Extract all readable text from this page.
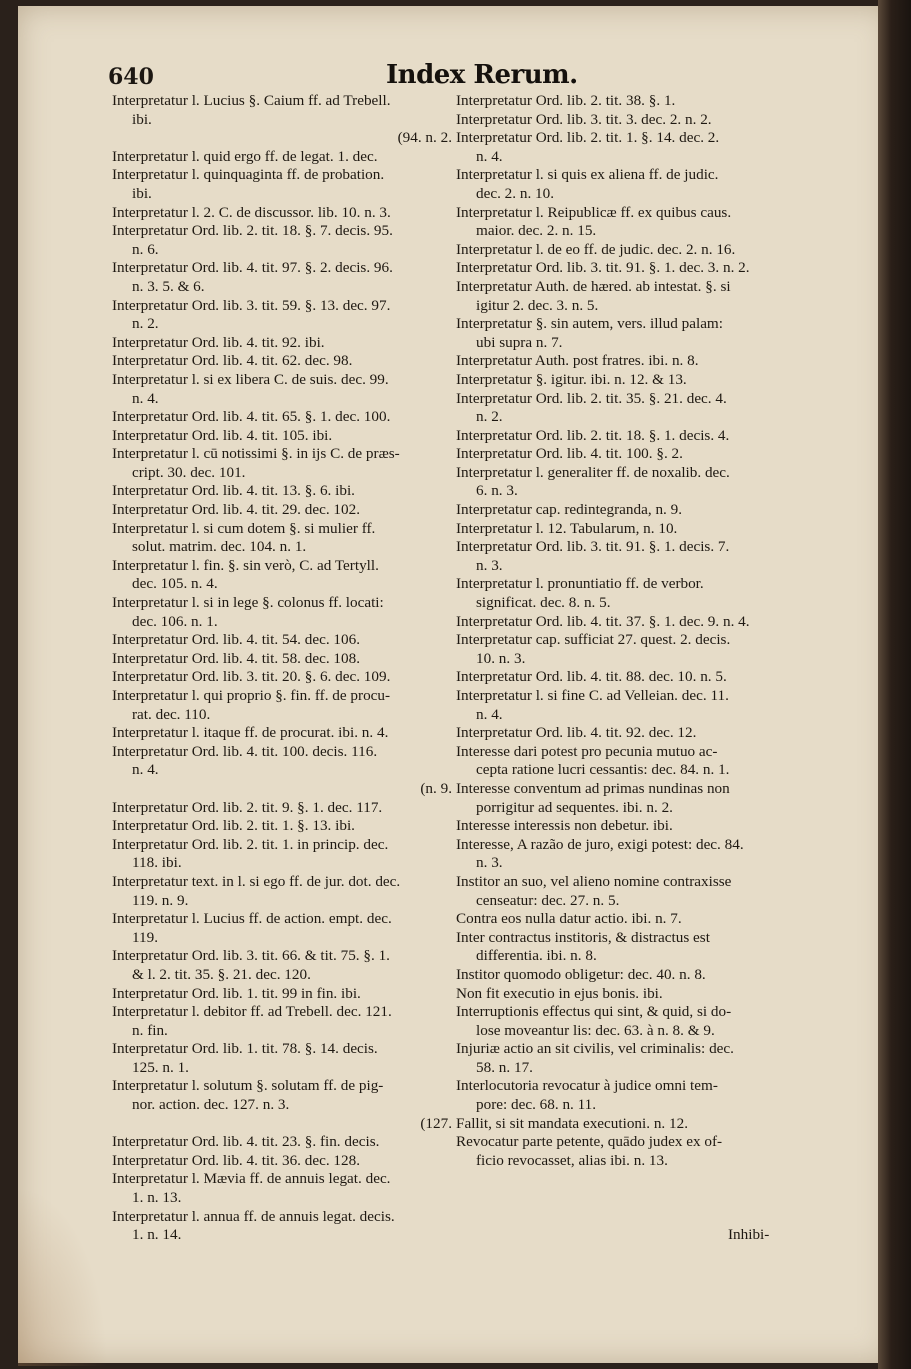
640	Index Rerum.
Interpretatur l. Lucius §. Caium ff. ad Trebell.
ibi.
(94. n. 2.
Interpretatur l. quid ergo ff. de legat. 1. dec.
Interpretatur l. quinquaginta ff. de probation.
ibi.
Interpretatur l. 2. C. de discussor. lib. 10. n. 3.
Interpretatur Ord. lib. 2. tit. 18. §. 7. decis. 95.
n. 6.
Interpretatur Ord. lib. 4. tit. 97. §. 2. decis. 96.
n. 3. 5. & 6.
Interpretatur Ord. lib. 3. tit. 59. §. 13. dec. 97.
n. 2.
Interpretatur Ord. lib. 4. tit. 92. ibi.
Interpretatur Ord. lib. 4. tit. 62. dec. 98.
Interpretatur l. si ex libera C. de suis. dec. 99.
n. 4.
Interpretatur Ord. lib. 4. tit. 65. §. 1. dec. 100.
Interpretatur Ord. lib. 4. tit. 105. ibi.
Interpretatur l. cū notissimi §. in ijs C. de præs-
cript. 30. dec. 101.
Interpretatur Ord. lib. 4. tit. 13. §. 6. ibi.
Interpretatur Ord. lib. 4. tit. 29. dec. 102.
Interpretatur l. si cum dotem §. si mulier ff.
solut. matrim. dec. 104. n. 1.
Interpretatur l. fin. §. sin verò, C. ad Tertyll.
dec. 105. n. 4.
Interpretatur l. si in lege §. colonus ff. locati:
dec. 106. n. 1.
Interpretatur Ord. lib. 4. tit. 54. dec. 106.
Interpretatur Ord. lib. 4. tit. 58. dec. 108.
Interpretatur Ord. lib. 3. tit. 20. §. 6. dec. 109.
Interpretatur l. qui proprio §. fin. ff. de procu-
rat. dec. 110.
Interpretatur l. itaque ff. de procurat. ibi. n. 4.
Interpretatur Ord. lib. 4. tit. 100. decis. 116.
n. 4.
(n. 9.
Interpretatur Ord. lib. 2. tit. 9. §. 1. dec. 117.
Interpretatur Ord. lib. 2. tit. 1. §. 13. ibi.
Interpretatur Ord. lib. 2. tit. 1. in princip. dec.
118. ibi.
Interpretatur text. in l. si ego ff. de jur. dot. dec.
119. n. 9.
Interpretatur l. Lucius ff. de action. empt. dec.
119.
Interpretatur Ord. lib. 3. tit. 66. & tit. 75. §. 1.
& l. 2. tit. 35. §. 21. dec. 120.
Interpretatur Ord. lib. 1. tit. 99 in fin. ibi.
Interpretatur l. debitor ff. ad Trebell. dec. 121.
n. fin.
Interpretatur Ord. lib. 1. tit. 78. §. 14. decis.
125. n. 1.
Interpretatur l. solutum §. solutam ff. de pig-
nor. action. dec. 127. n. 3.
(127.
Interpretatur Ord. lib. 4. tit. 23. §. fin. decis.
Interpretatur Ord. lib. 4. tit. 36. dec. 128.
Interpretatur l. Mævia ff. de annuis legat. dec.
1. n. 13.
Interpretatur l. annua ff. de annuis legat. decis.
1. n. 14.
Interpretatur Ord. lib. 2. tit. 38. §. 1.
Interpretatur Ord. lib. 3. tit. 3. dec. 2. n. 2.
Interpretatur Ord. lib. 2. tit. 1. §. 14. dec. 2.
n. 4.
Interpretatur l. si quis ex aliena ff. de judic.
dec. 2. n. 10.
Interpretatur l. Reipublicæ ff. ex quibus caus.
maior. dec. 2. n. 15.
Interpretatur l. de eo ff. de judic. dec. 2. n. 16.
Interpretatur Ord. lib. 3. tit. 91. §. 1. dec. 3. n. 2.
Interpretatur Auth. de hæred. ab intestat. §. si
igitur 2. dec. 3. n. 5.
Interpretatur §. sin autem, vers. illud palam:
ubi supra n. 7.
Interpretatur Auth. post fratres. ibi. n. 8.
Interpretatur §. igitur. ibi. n. 12. & 13.
Interpretatur Ord. lib. 2. tit. 35. §. 21. dec. 4.
n. 2.
Interpretatur Ord. lib. 2. tit. 18. §. 1. decis. 4.
Interpretatur Ord. lib. 4. tit. 100. §. 2.
Interpretatur l. generaliter ff. de noxalib. dec.
6. n. 3.
Interpretatur cap. redintegranda, n. 9.
Interpretatur l. 12. Tabularum, n. 10.
Interpretatur Ord. lib. 3. tit. 91. §. 1. decis. 7.
n. 3.
Interpretatur l. pronuntiatio ff. de verbor.
significat. dec. 8. n. 5.
Interpretatur Ord. lib. 4. tit. 37. §. 1. dec. 9. n. 4.
Interpretatur cap. sufficiat 27. quest. 2. decis.
10. n. 3.
Interpretatur Ord. lib. 4. tit. 88. dec. 10. n. 5.
Interpretatur l. si fine C. ad Velleian. dec. 11.
n. 4.
Interpretatur Ord. lib. 4. tit. 92. dec. 12.
Interesse dari potest pro pecunia mutuo ac-
cepta ratione lucri cessantis: dec. 84. n. 1.
Interesse conventum ad primas nundinas non
porrigitur ad sequentes. ibi. n. 2.
Interesse interessis non debetur. ibi.
Interesse, A razão de juro, exigi potest: dec. 84.
n. 3.
Institor an suo, vel alieno nomine contraxisse
censeatur: dec. 27. n. 5.
Contra eos nulla datur actio. ibi. n. 7.
Inter contractus institoris, & distractus est
differentia. ibi. n. 8.
Institor quomodo obligetur: dec. 40. n. 8.
Non fit executio in ejus bonis. ibi.
Interruptionis effectus qui sint, & quid, si do-
lose moveantur lis: dec. 63. à n. 8. & 9.
Injuriæ actio an sit civilis, vel criminalis: dec.
58. n. 17.
Interlocutoria revocatur à judice omni tem-
pore: dec. 68. n. 11.
Fallit, si sit mandata executioni. n. 12.
Revocatur parte petente, quādo judex ex of-
ficio revocasset, alias ibi. n. 13.
Inhibi-
